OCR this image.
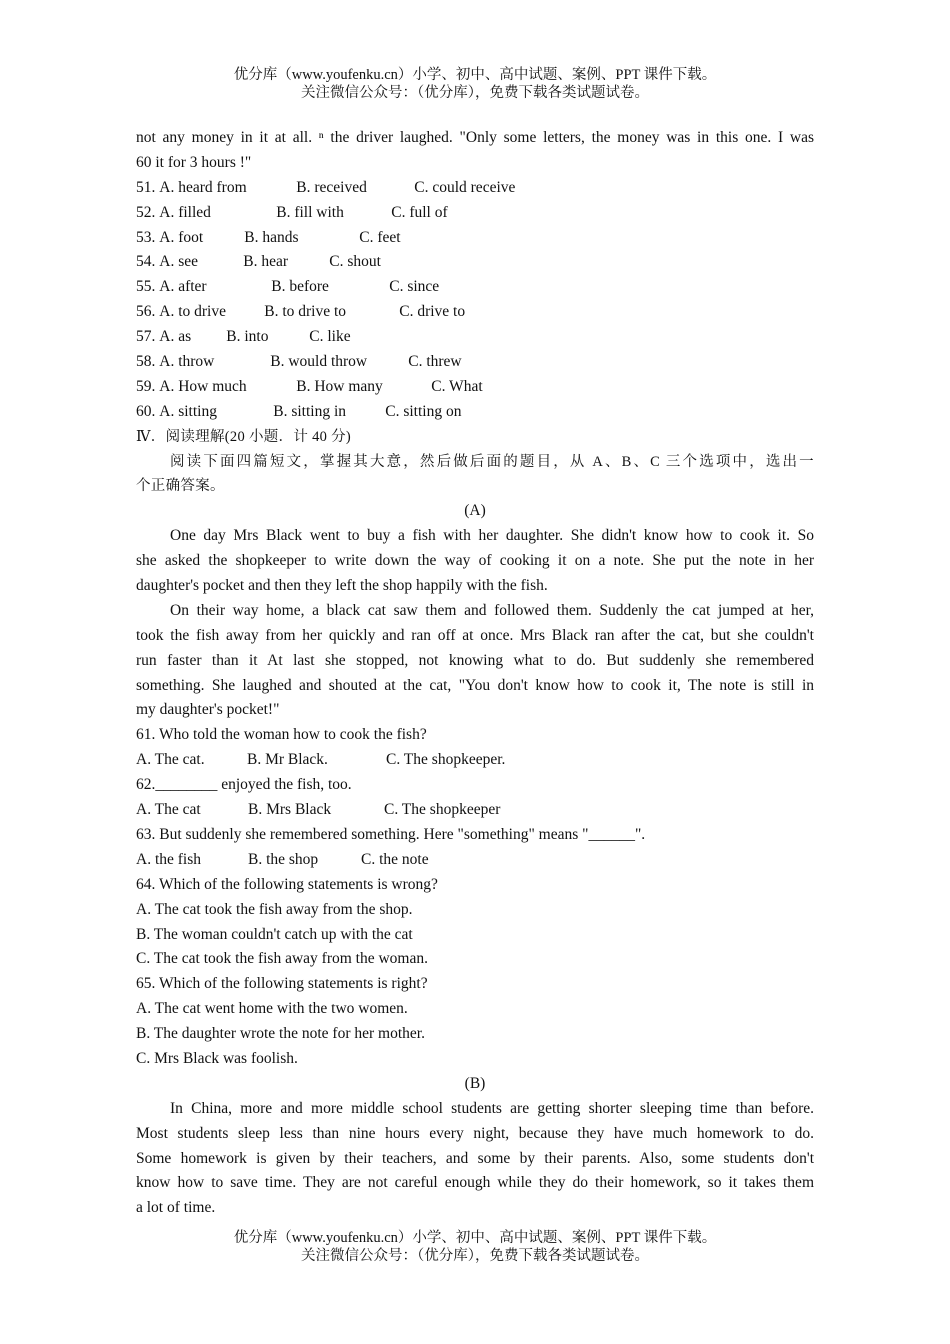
优分库（www.youfenku.cn）小学、初中、高中试题、案例、PPT 课件下载。
关注微信公众号：（优分库），免费下载各类试题试卷。
not any money in it at all. ⁿ the driver laughed. "Only some letters, the money was in this one. I was
60 it for 3 hours !"
51. A. heard from	B. received	C. could receive
52. A. filled	B. fill with	C. full of
53. A. foot	B. hands	C. feet
54. A. see	B. hear	C. shout
55. A. after	B. before	C. since
56. A. to drive B. to drive to	C. drive to
57. A. as B. into	C. like
58. A. throw	B. would throw	C. threw
59. A. How much	B. How many	C. What
60. A. sitting	B. sitting in	C. sitting on
Ⅳ．阅读理解(20 小题．计 40 分)
阅读下面四篇短文，掌握其大意，然后做后面的题目，从 A、B、C 三个选项中，选出一
个正确答案。
(A)
One day Mrs Black went to buy a fish with her daughter. She didn't know how to cook it. So
she asked the shopkeeper to write down the way of cooking it on a note. She put the note in her
daughter's pocket and then they left the shop happily with the fish.
On their way home, a black cat saw them and followed them. Suddenly the cat jumped at her,
took the fish away from her quickly and ran off at once. Mrs Black ran after the cat, but she couldn't
run faster than it At last she stopped, not knowing what to do. But suddenly she remembered
something. She laughed and shouted at the cat, "You don't know how to cook it, The note is still in
my daughter's pocket!"
61. Who told the woman how to cook the fish?
A. The cat.	B. Mr Black.	C. The shopkeeper.
62.________ enjoyed the fish, too.
A. The cat	B. Mrs Black	C. The shopkeeper
63. But suddenly she remembered something. Here "something" means "______".
A. the fish	B. the shop	C. the note
64. Which of the following statements is wrong?
A. The cat took the fish away from the shop.
B. The woman couldn't catch up with the cat
C. The cat took the fish away from the woman.
65. Which of the following statements is right?
A. The cat went home with the two women.
B. The daughter wrote the note for her mother.
C. Mrs Black was foolish.
(B)
In China, more and more middle school students are getting shorter sleeping time than before.
Most students sleep less than nine hours every night, because they have much homework to do.
Some homework is given by their teachers, and some by their parents. Also, some students don't
know how to save time. They are not careful enough while they do their homework, so it takes them
a lot of time.
优分库（www.youfenku.cn）小学、初中、高中试题、案例、PPT 课件下载。
关注微信公众号：（优分库），免费下载各类试题试卷。
